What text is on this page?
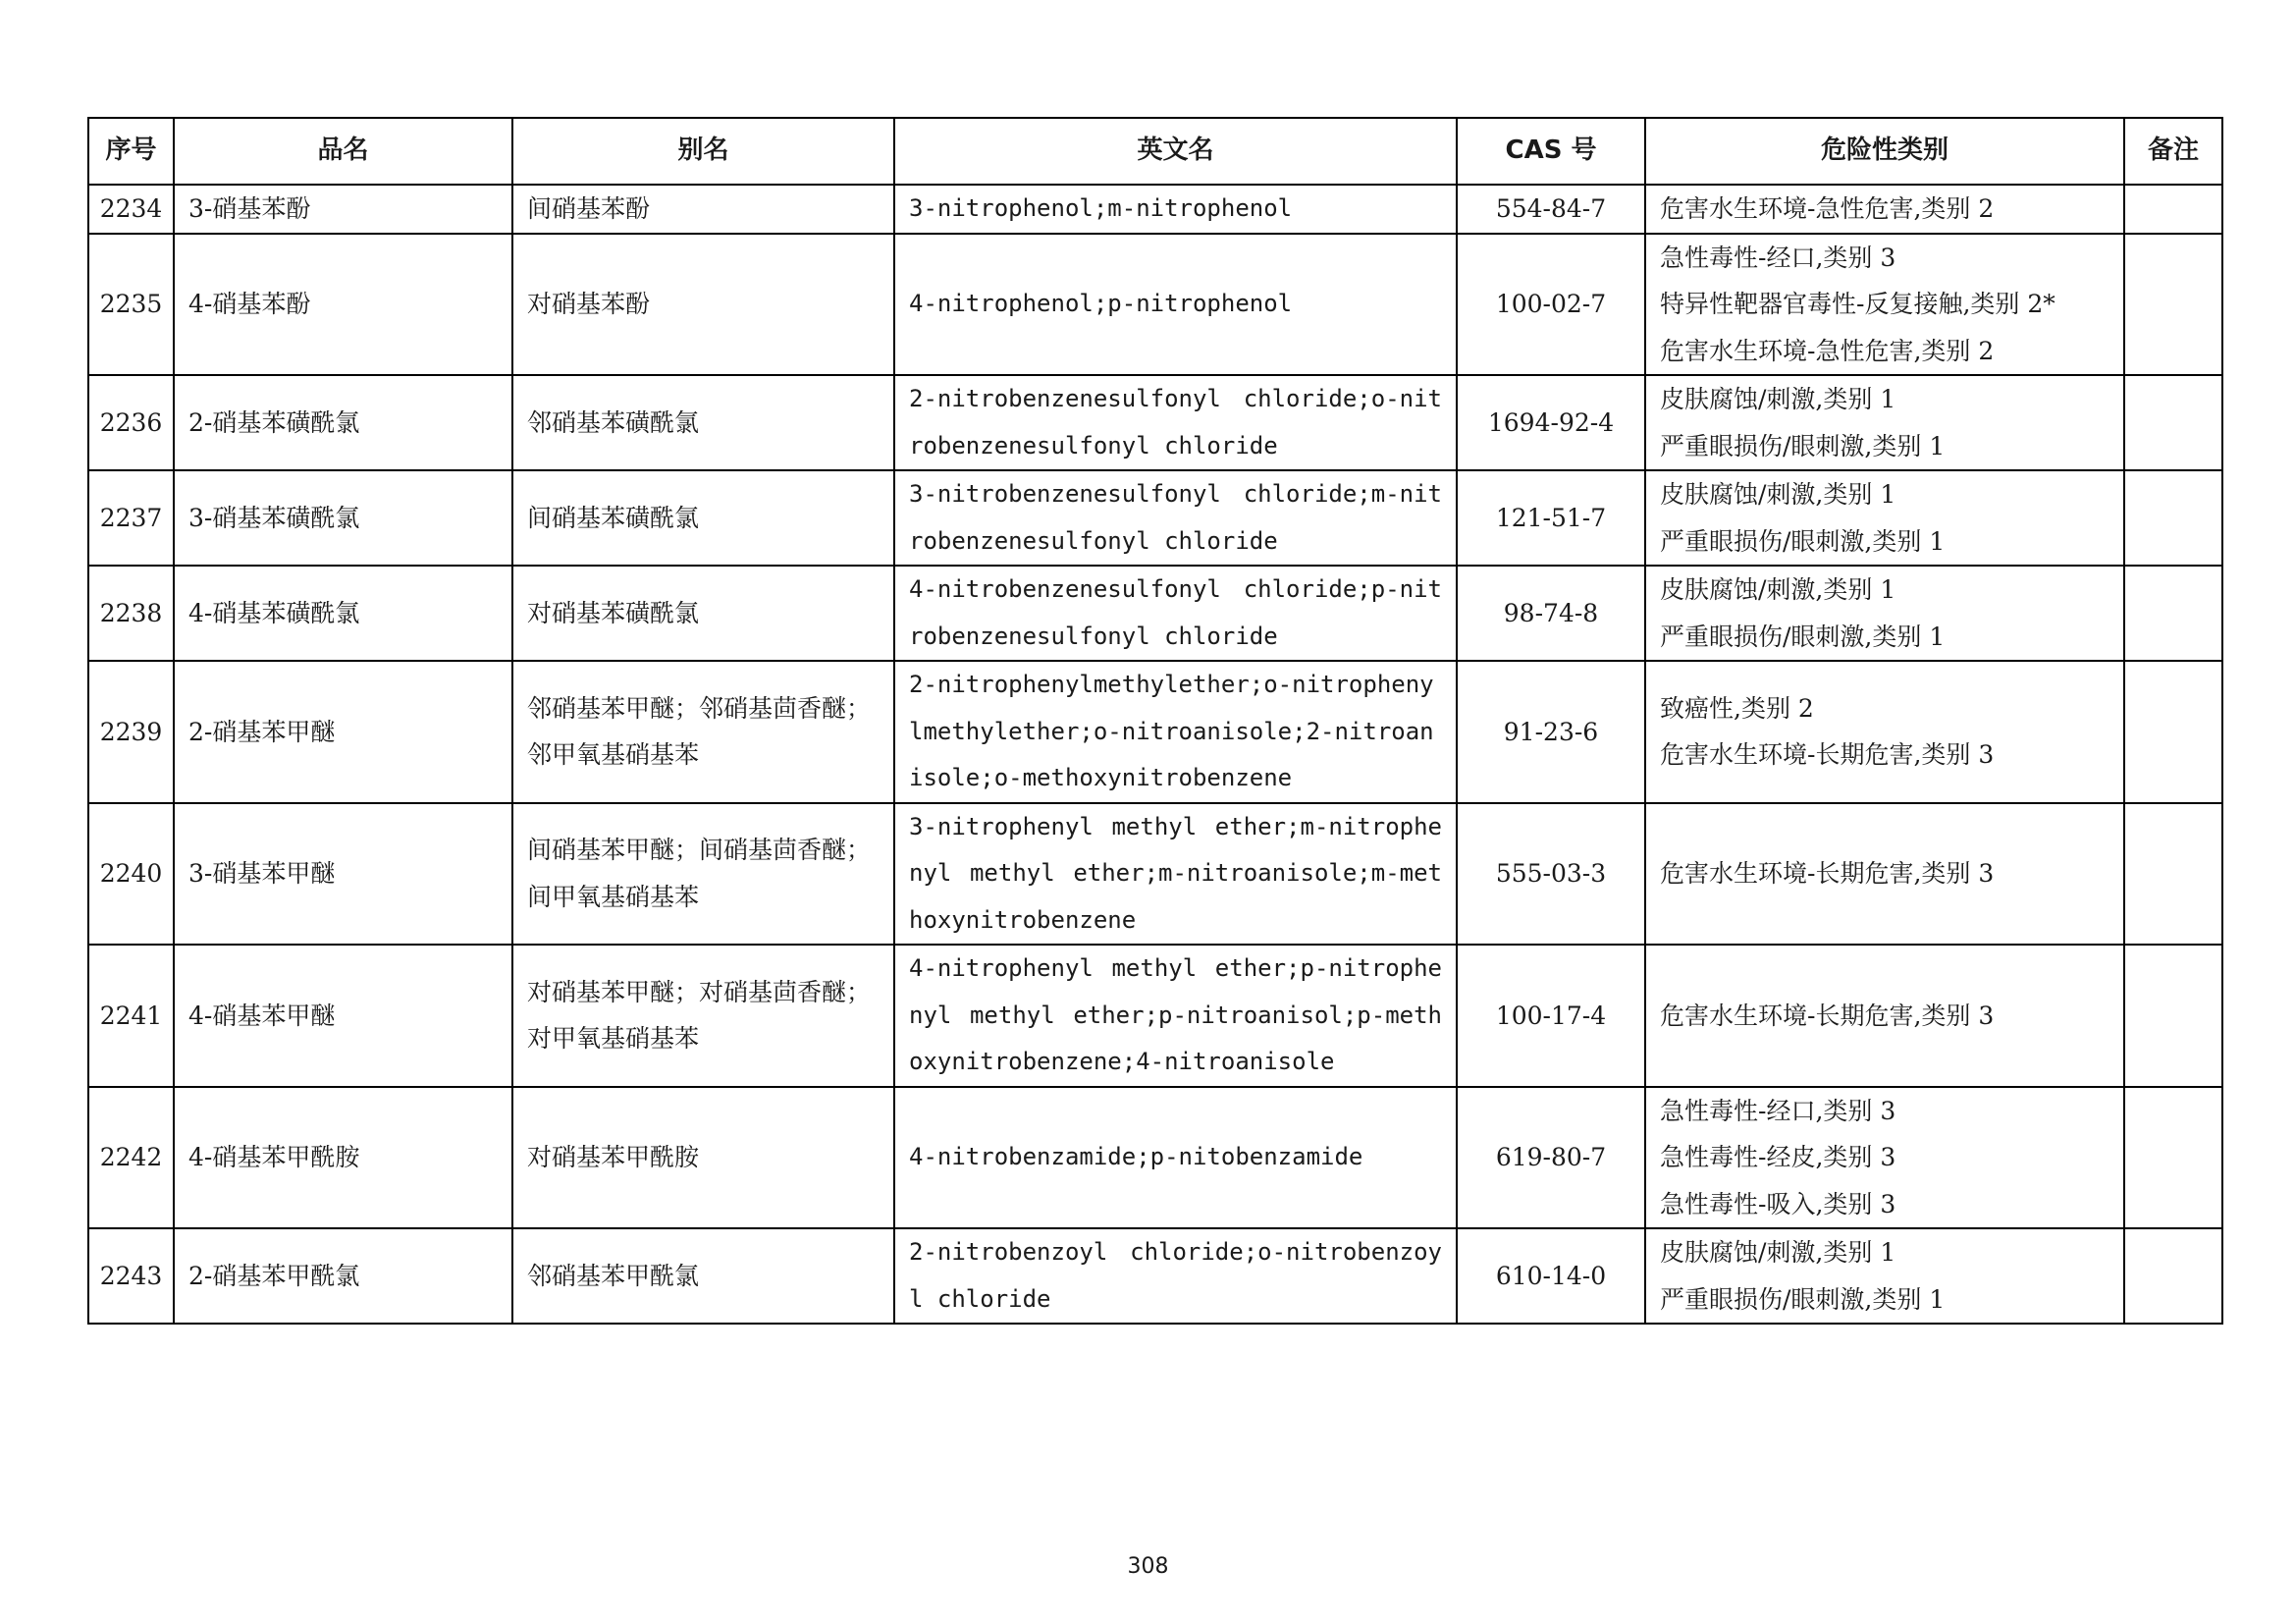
序号	品名	别名	英文名	CAS 号	危险性类别	备注
2234	3-硝基苯酚	间硝基苯酚	3-nitrophenol;m-nitrophenol	554-84-7	危害水生环境-急性危害,类别 2	

2235	4-硝基苯酚	对硝基苯酚	4-nitrophenol;p-nitrophenol	100-02-7	急性毒性-经口,类别 3
特异性靶器官毒性-反复接触,类别 2*
危害水生环境-急性危害,类别 2	

2236	2-硝基苯磺酰氯	邻硝基苯磺酰氯	2-nitrobenzenesulfonyl chloride;o-nitrobenzenesulfonyl chloride	1694-92-4	皮肤腐蚀/刺激,类别 1
严重眼损伤/眼刺激,类别 1	

2237	3-硝基苯磺酰氯	间硝基苯磺酰氯	3-nitrobenzenesulfonyl chloride;m-nitrobenzenesulfonyl chloride	121-51-7	皮肤腐蚀/刺激,类别 1
严重眼损伤/眼刺激,类别 1	

2238	4-硝基苯磺酰氯	对硝基苯磺酰氯	4-nitrobenzenesulfonyl chloride;p-nitrobenzenesulfonyl chloride	98-74-8	皮肤腐蚀/刺激,类别 1
严重眼损伤/眼刺激,类别 1	

2239	2-硝基苯甲醚	邻硝基苯甲醚；邻硝基茴香醚；邻甲氧基硝基苯	2-nitrophenylmethylether;o-nitrophenylmethylether;o-nitroanisole;2-nitroanisole;o-methoxynitrobenzene	91-23-6	致癌性,类别 2
危害水生环境-长期危害,类别 3	

2240	3-硝基苯甲醚	间硝基苯甲醚；间硝基茴香醚；间甲氧基硝基苯	3-nitrophenyl methyl ether;m-nitrophenyl methyl ether;m-nitroanisole;m-methoxynitrobenzene	555-03-3	危害水生环境-长期危害,类别 3	

2241	4-硝基苯甲醚	对硝基苯甲醚；对硝基茴香醚；对甲氧基硝基苯	4-nitrophenyl methyl ether;p-nitrophenyl methyl ether;p-nitroanisol;p-methoxynitrobenzene;4-nitroanisole	100-17-4	危害水生环境-长期危害,类别 3	

2242	4-硝基苯甲酰胺	对硝基苯甲酰胺	4-nitrobenzamide;p-nitobenzamide	619-80-7	急性毒性-经口,类别 3
急性毒性-经皮,类别 3
急性毒性-吸入,类别 3	

2243	2-硝基苯甲酰氯	邻硝基苯甲酰氯	2-nitrobenzoyl chloride;o-nitrobenzoyl chloride	610-14-0	皮肤腐蚀/刺激,类别 1
严重眼损伤/眼刺激,类别 1	

308
